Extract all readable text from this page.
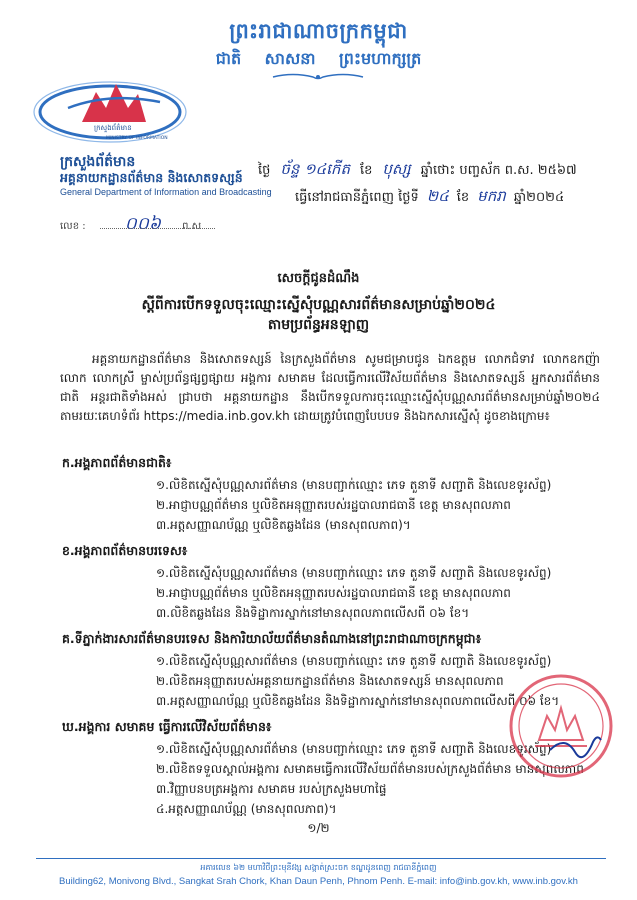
ព្រះរាជាណាចក្រកម្ពុជា
ជាតិ សាសនា ព្រះមហាក្សត្រ
ក្រសួងព័ត៌មាន
MINISTRY OF INFORMATION
ក្រសួងព័ត៌មាន
អគ្គនាយកដ្ឋានព័ត៌មាន និងសោតទស្សន៍
General Department of Information and Broadcasting
លេខ : ០០៦ ព.ស
ថ្ងៃ ច័ន្ទ ១៤កើត ខែ បុស្ស ឆ្នាំថោះ បញ្ចស័ក ព.ស. ២៥៦៧
ធ្វើនៅរាជធានីភ្នំពេញ ថ្ងៃទី ២៤ ខែ មករា ឆ្នាំ២០២៤
សេចក្តីជូនដំណឹង
ស្តីពីការបើកទទួលចុះឈ្មោះស្នើសុំបណ្ណសារព័ត៌មានសម្រាប់ឆ្នាំ២០២៤
តាមប្រព័ន្ធអនឡាញ
អគ្គនាយកដ្ឋានព័ត៌មាន និងសោតទស្សន៍ នៃក្រសួងព័ត៌មាន សូមជម្រាបជូន ឯកឧត្តម លោកជំទាវ លោកឧកញ៉ា លោក លោកស្រី ម្ចាស់ប្រព័ន្ធផ្សព្វផ្សាយ អង្គការ សមាគម ដែលធ្វើការលើវិស័យព័ត៌មាន និងសោតទស្សន៍ អ្នកសារព័ត៌មានជាតិ អន្តរជាតិទាំងអស់ ជ្រាបថា អគ្គនាយកដ្ឋាន នឹងបើកទទួលការចុះឈ្មោះស្នើសុំបណ្ណសារព័ត៌មានសម្រាប់ឆ្នាំ២០២៤ តាមរយៈគេហទំព័រ https://media.inb.gov.kh ដោយត្រូវបំពេញបែបបទ និងឯកសារស្នើសុំ ដូចខាងក្រោម៖
ក.អង្គភាពព័ត៌មានជាតិ៖
១.លិខិតស្នើសុំបណ្ណសារព័ត៌មាន (មានបញ្ជាក់ឈ្មោះ ភេទ តួនាទី សញ្ជាតិ និងលេខទូរស័ព្ទ)
២.អាជ្ញាបណ្ណព័ត៌មាន ឬលិខិតអនុញ្ញាតរបស់រដ្ឋបាលរាជធានី ខេត្ត មានសុពលភាព
៣.អត្តសញ្ញាណប័ណ្ណ ឬលិខិតឆ្លងដែន (មានសុពលភាព)។
ខ.អង្គភាពព័ត៌មានបរទេស៖
១.លិខិតស្នើសុំបណ្ណសារព័ត៌មាន (មានបញ្ជាក់ឈ្មោះ ភេទ តួនាទី សញ្ជាតិ និងលេខទូរស័ព្ទ)
២.អាជ្ញាបណ្ណព័ត៌មាន ឬលិខិតអនុញ្ញាតរបស់រដ្ឋបាលរាជធានី ខេត្ត មានសុពលភាព
៣.លិខិតឆ្លងដែន និងទិដ្ឋាការស្នាក់នៅមានសុពលភាពលើសពី ០៦ ខែ។
គ.ទីភ្នាក់ងារសារព័ត៌មានបរទេស និងការិយាល័យព័ត៌មានតំណាងនៅព្រះរាជាណាចក្រកម្ពុជា៖
១.លិខិតស្នើសុំបណ្ណសារព័ត៌មាន (មានបញ្ជាក់ឈ្មោះ ភេទ តួនាទី សញ្ជាតិ និងលេខទូរស័ព្ទ)
២.លិខិតអនុញ្ញាតរបស់អគ្គនាយកដ្ឋានព័ត៌មាន និងសោតទស្សន៍ មានសុពលភាព
៣.អត្តសញ្ញាណប័ណ្ណ ឬលិខិតឆ្លងដែន និងទិដ្ឋាការស្នាក់នៅមានសុពលភាពលើសពី ០៦ ខែ។
ឃ.អង្គការ សមាគម ធ្វើការលើវិស័យព័ត៌មាន៖
១.លិខិតស្នើសុំបណ្ណសារព័ត៌មាន (មានបញ្ជាក់ឈ្មោះ ភេទ តួនាទី សញ្ជាតិ និងលេខទូរស័ព្ទ)
២.លិខិតទទួលស្គាល់អង្គការ សមាគមធ្វើការលើវិស័យព័ត៌មានរបស់ក្រសួងព័ត៌មាន មានសុពលភាព
៣.វិញ្ញាបនបត្រអង្គការ សមាគម របស់ក្រសួងមហាផ្ទៃ
៤.អត្តសញ្ញាណប័ណ្ណ (មានសុពលភាព)។
១/២
អគារលេខ ៦២ មហាវិថីព្រះមុនីវង្ស សង្កាត់ស្រះចក ខណ្ឌដូនពេញ រាជធានីភ្នំពេញ
Building62, Monivong Blvd., Sangkat Srah Chork, Khan Daun Penh, Phnom Penh. E-mail: info@inb.gov.kh, www.inb.gov.kh
